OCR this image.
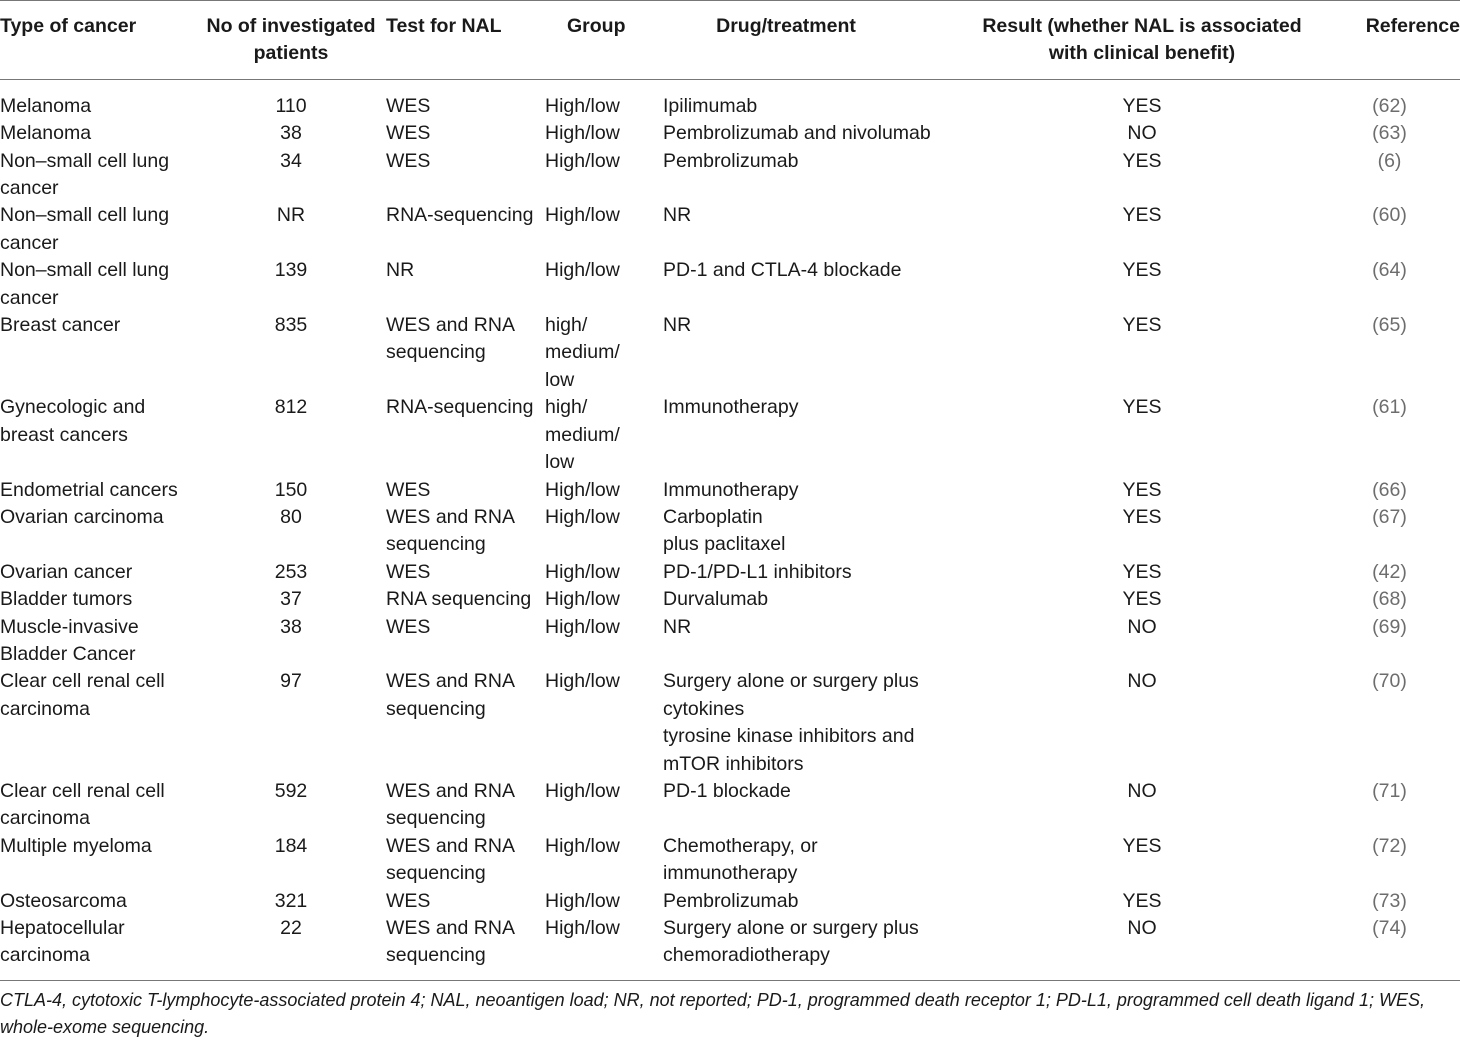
Type of cancer	No of investigated
patients	Test for NAL	Group	Drug/treatment	Result (whether NAL is associated
with clinical benefit)	Reference

Melanoma	110	WES	High/low	Ipilimumab	YES	(62)

Melanoma	38	WES	High/low	Pembrolizumab and nivolumab	NO	(63)

Non–small cell lung
cancer	34	WES	High/low	Pembrolizumab	YES	(6)

Non–small cell lung
cancer	NR	RNA-sequencing	High/low	NR	YES	(60)

Non–small cell lung
cancer	139	NR	High/low	PD-1 and CTLA-4 blockade	YES	(64)

Breast cancer	835	WES and RNA
sequencing	high/
medium/
low	NR	YES	(65)

Gynecologic and
breast cancers	812	RNA-sequencing	high/
medium/
low	Immunotherapy	YES	(61)

Endometrial cancers	150	WES	High/low	Immunotherapy	YES	(66)

Ovarian carcinoma	80	WES and RNA
sequencing	High/low	Carboplatin
plus paclitaxel	YES	(67)

Ovarian cancer	253	WES	High/low	PD-1/PD-L1 inhibitors	YES	(42)

Bladder tumors	37	RNA sequencing	High/low	Durvalumab	YES	(68)

Muscle-invasive
Bladder Cancer	38	WES	High/low	NR	NO	(69)

Clear cell renal cell
carcinoma	97	WES and RNA
sequencing	High/low	Surgery alone or surgery plus
cytokines
tyrosine kinase inhibitors and
mTOR inhibitors	NO	(70)

Clear cell renal cell
carcinoma	592	WES and RNA
sequencing	High/low	PD-1 blockade	NO	(71)

Multiple myeloma	184	WES and RNA
sequencing	High/low	Chemotherapy, or
immunotherapy	YES	(72)

Osteosarcoma	321	WES	High/low	Pembrolizumab	YES	(73)

Hepatocellular
carcinoma	22	WES and RNA
sequencing	High/low	Surgery alone or surgery plus
chemoradiotherapy	NO	(74)

CTLA-4, cytotoxic T-lymphocyte-associated protein 4; NAL, neoantigen load; NR, not reported; PD-1, programmed death receptor 1; PD-L1, programmed cell death ligand 1; WES,
whole-exome sequencing.
